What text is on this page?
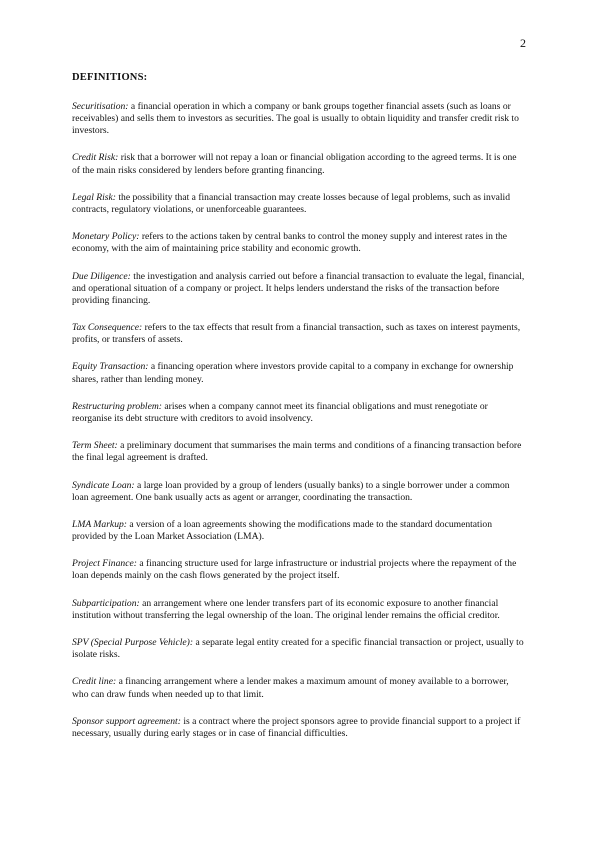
2
DEFINITIONS:

Securitisation: a financial operation in which a company or bank groups together financial assets (such as loans or receivables) and sells them to investors as securities. The goal is usually to obtain liquidity and transfer credit risk to investors.

Credit Risk: risk that a borrower will not repay a loan or financial obligation according to the agreed terms. It is one of the main risks considered by lenders before granting financing.

Legal Risk: the possibility that a financial transaction may create losses because of legal problems, such as invalid contracts, regulatory violations, or unenforceable guarantees.

Monetary Policy: refers to the actions taken by central banks to control the money supply and interest rates in the economy, with the aim of maintaining price stability and economic growth.

Due Diligence: the investigation and analysis carried out before a financial transaction to evaluate the legal, financial, and operational situation of a company or project. It helps lenders understand the risks of the transaction before providing financing.

Tax Consequence: refers to the tax effects that result from a financial transaction, such as taxes on interest payments, profits, or transfers of assets.

Equity Transaction: a financing operation where investors provide capital to a company in exchange for ownership shares, rather than lending money.

Restructuring problem: arises when a company cannot meet its financial obligations and must renegotiate or reorganise its debt structure with creditors to avoid insolvency.

Term Sheet: a preliminary document that summarises the main terms and conditions of a financing transaction before the final legal agreement is drafted.

Syndicate Loan: a large loan provided by a group of lenders (usually banks) to a single borrower under a common loan agreement. One bank usually acts as agent or arranger, coordinating the transaction.

LMA Markup: a version of a loan agreements showing the modifications made to the standard documentation provided by the Loan Market Association (LMA).

Project Finance: a financing structure used for large infrastructure or industrial projects where the repayment of the loan depends mainly on the cash flows generated by the project itself.

Subparticipation: an arrangement where one lender transfers part of its economic exposure to another financial institution without transferring the legal ownership of the loan. The original lender remains the official creditor.

SPV (Special Purpose Vehicle): a separate legal entity created for a specific financial transaction or project, usually to isolate risks.

Credit line: a financing arrangement where a lender makes a maximum amount of money available to a borrower, who can draw funds when needed up to that limit.

Sponsor support agreement: is a contract where the project sponsors agree to provide financial support to a project if necessary, usually during early stages or in case of financial difficulties.
